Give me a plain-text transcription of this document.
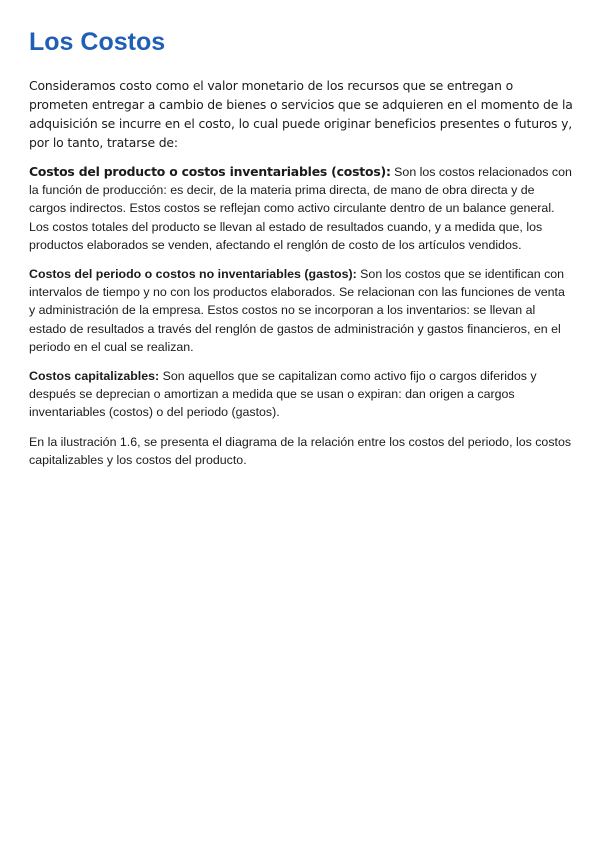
Los Costos

Consideramos costo como el valor monetario de los recursos que se entregan o prometen entregar a cambio de bienes o servicios que se adquieren en el momento de la adquisición se incurre en el costo, lo cual puede originar beneficios presentes o futuros y, por lo tanto, tratarse de:

Costos del producto o costos inventariables (costos): Son los costos relacionados con la función de producción: es decir, de la materia prima directa, de mano de obra directa y de cargos indirectos. Estos costos se reflejan como activo circulante dentro de un balance general. Los costos totales del producto se llevan al estado de resultados cuando, y a medida que, los productos elaborados se venden, afectando el renglón de costo de los artículos vendidos.

Costos del periodo o costos no inventariables (gastos): Son los costos que se identifican con intervalos de tiempo y no con los productos elaborados. Se relacionan con las funciones de venta y administración de la empresa. Estos costos no se incorporan a los inventarios: se llevan al estado de resultados a través del renglón de gastos de administración y gastos financieros, en el periodo en el cual se realizan.

Costos capitalizables: Son aquellos que se capitalizan como activo fijo o cargos diferidos y después se deprecian o amortizan a medida que se usan o expiran: dan origen a cargos inventariables (costos) o del periodo (gastos).

En la ilustración 1.6, se presenta el diagrama de la relación entre los costos del periodo, los costos capitalizables y los costos del producto.
